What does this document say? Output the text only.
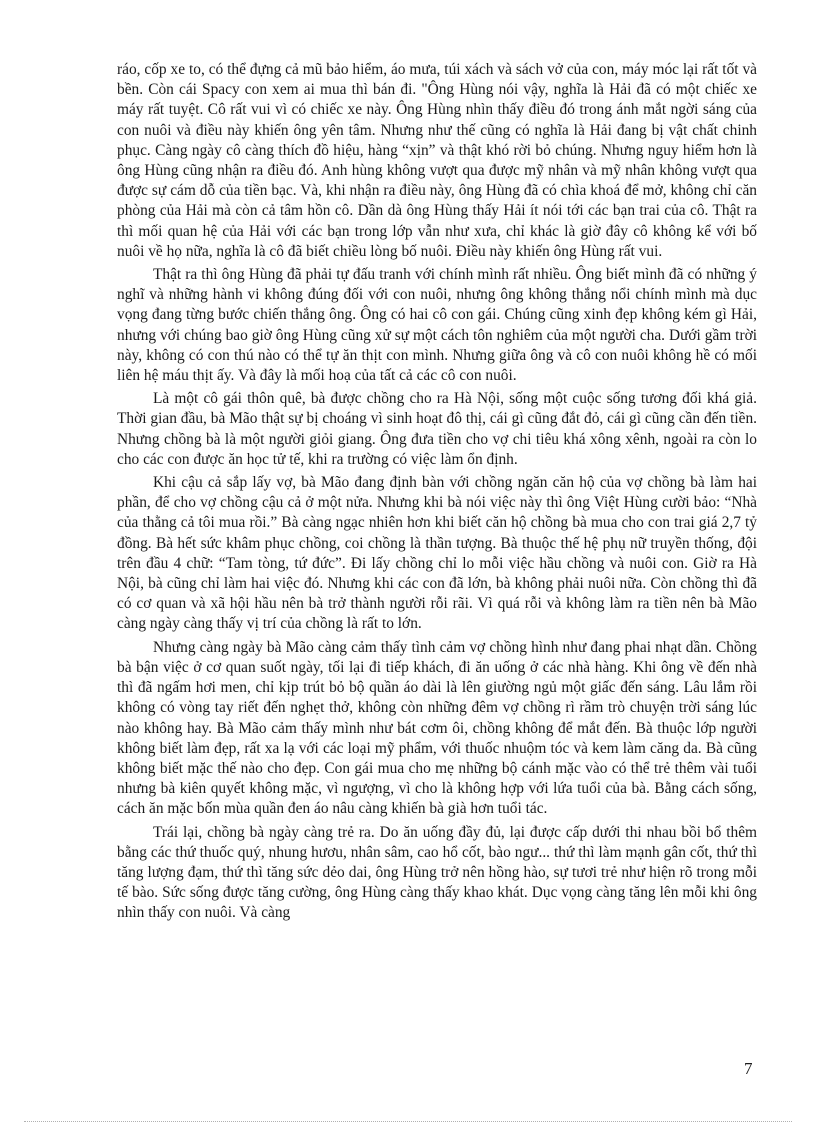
ráo, cốp xe to, có thể đựng cả mũ bảo hiểm, áo mưa, túi xách và sách vở của con, máy móc lại rất tốt và bền. Còn cái Spacy con xem ai mua thì bán đi. "Ông Hùng nói vậy, nghĩa là Hải đã có một chiếc xe máy rất tuyệt. Cô rất vui vì có chiếc xe này. Ông Hùng nhìn thấy điều đó trong ánh mắt ngời sáng của con nuôi và điều này khiến ông yên tâm. Nhưng như thế cũng có nghĩa là Hải đang bị vật chất chinh phục. Càng ngày cô càng thích đồ hiệu, hàng “xịn” và thật khó rời bỏ chúng. Nhưng nguy hiểm hơn là ông Hùng cũng nhận ra điều đó. Anh hùng không vượt qua được mỹ nhân và mỹ nhân không vượt qua được sự cám dỗ của tiền bạc. Và, khi nhận ra điều này, ông Hùng đã có chìa khoá để mở, không chỉ căn phòng của Hải mà còn cả tâm hồn cô. Dần dà ông Hùng thấy Hải ít nói tới các bạn trai của cô. Thật ra thì mối quan hệ của Hải với các bạn trong lớp vẫn như xưa, chỉ khác là giờ đây cô không kể với bố nuôi về họ nữa, nghĩa là cô đã biết chiều lòng bố nuôi. Điều này khiến ông Hùng rất vui.

Thật ra thì ông Hùng đã phải tự đấu tranh với chính mình rất nhiều. Ông biết mình đã có những ý nghĩ và những hành vi không đúng đối với con nuôi, nhưng ông không thắng nổi chính mình mà dục vọng đang từng bước chiến thắng ông. Ông có hai cô con gái. Chúng cũng xinh đẹp không kém gì Hải, nhưng với chúng bao giờ ông Hùng cũng xử sự một cách tôn nghiêm của một người cha. Dưới gầm trời này, không có con thú nào có thể tự ăn thịt con mình. Nhưng giữa ông và cô con nuôi không hề có mối liên hệ máu thịt ấy. Và đây là mối hoạ của tất cả các cô con nuôi.

Là một cô gái thôn quê, bà được chồng cho ra Hà Nội, sống một cuộc sống tương đối khá giả. Thời gian đầu, bà Mão thật sự bị choáng vì sinh hoạt đô thị, cái gì cũng đắt đỏ, cái gì cũng cần đến tiền. Nhưng chồng bà là một người giỏi giang. Ông đưa tiền cho vợ chi tiêu khá xông xênh, ngoài ra còn lo cho các con được ăn học tử tế, khi ra trường có việc làm ổn định.

Khi cậu cả sắp lấy vợ, bà Mão đang định bàn với chồng ngăn căn hộ của vợ chồng bà làm hai phần, để cho vợ chồng cậu cả ở một nửa. Nhưng khi bà nói việc này thì ông Việt Hùng cười bảo: “Nhà của thằng cả tôi mua rồi.” Bà càng ngạc nhiên hơn khi biết căn hộ chồng bà mua cho con trai giá 2,7 tỷ đồng. Bà hết sức khâm phục chồng, coi chồng là thần tượng. Bà thuộc thế hệ phụ nữ truyền thống, đội trên đầu 4 chữ: “Tam tòng, tứ đức”. Đi lấy chồng chỉ lo mỗi việc hầu chồng và nuôi con. Giờ ra Hà Nội, bà cũng chỉ làm hai việc đó. Nhưng khi các con đã lớn, bà không phải nuôi nữa. Còn chồng thì đã có cơ quan và xã hội hầu nên bà trở thành người rỗi rãi. Vì quá rỗi và không làm ra tiền nên bà Mão càng ngày càng thấy vị trí của chồng là rất to lớn.

Nhưng càng ngày bà Mão càng cảm thấy tình cảm vợ chồng hình như đang phai nhạt dần. Chồng bà bận việc ở cơ quan suốt ngày, tối lại đi tiếp khách, đi ăn uống ở các nhà hàng. Khi ông về đến nhà thì đã ngấm hơi men, chỉ kịp trút bỏ bộ quần áo dài là lên giường ngủ một giấc đến sáng. Lâu lắm rồi không có vòng tay riết đến nghẹt thở, không còn những đêm vợ chồng rì rầm trò chuyện trời sáng lúc nào không hay. Bà Mão cảm thấy mình như bát cơm ôi, chồng không để mắt đến. Bà thuộc lớp người không biết làm đẹp, rất xa lạ với các loại mỹ phẩm, với thuốc nhuộm tóc và kem làm căng da. Bà cũng không biết mặc thế nào cho đẹp. Con gái mua cho mẹ những bộ cánh mặc vào có thể trẻ thêm vài tuổi nhưng bà kiên quyết không mặc, vì ngượng, vì cho là không hợp với lứa tuổi của bà. Bằng cách sống, cách ăn mặc bốn mùa quần đen áo nâu càng khiến bà già hơn tuổi tác.

Trái lại, chồng bà ngày càng trẻ ra. Do ăn uống đầy đủ, lại được cấp dưới thi nhau bồi bổ thêm bằng các thứ thuốc quý, nhung hươu, nhân sâm, cao hổ cốt, bào ngư... thứ thì làm mạnh gân cốt, thứ thì tăng lượng đạm, thứ thì tăng sức dẻo dai, ông Hùng trở nên hồng hào, sự tươi trẻ như hiện rõ trong mỗi tế bào. Sức sống được tăng cường, ông Hùng càng thấy khao khát. Dục vọng càng tăng lên mỗi khi ông nhìn thấy con nuôi. Và càng

7
